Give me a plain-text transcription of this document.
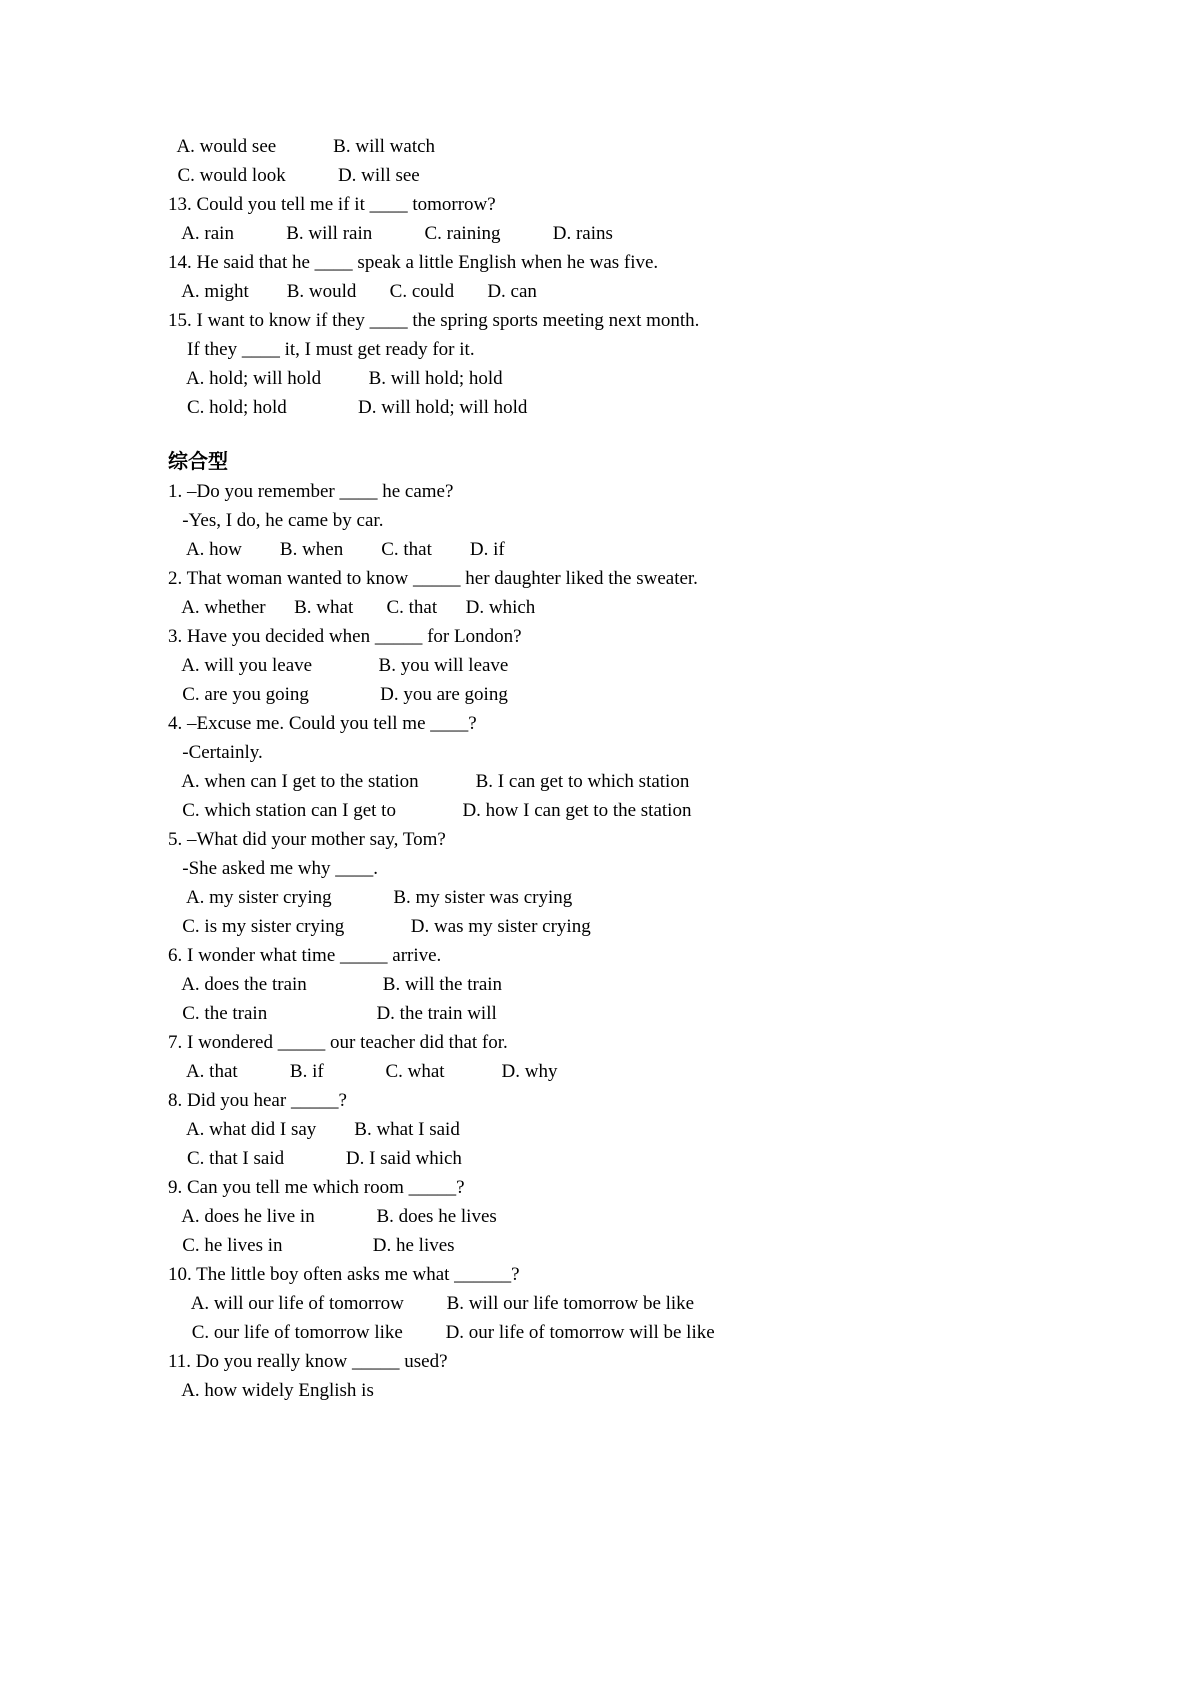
A. would see            B. will watch
C. would look           D. will see
13. Could you tell me if it ____ tomorrow?
A. rain           B. will rain           C. raining           D. rains
14. He said that he ____ speak a little English when he was five.
A. might        B. would       C. could       D. can
15. I want to know if they ____ the spring sports meeting next month.
If they ____ it, I must get ready for it.
A. hold; will hold          B. will hold; hold
C. hold; hold               D. will hold; will hold
综合型
1. –Do you remember ____ he came?
-Yes, I do, he came by car.
A. how        B. when        C. that        D. if
2. That woman wanted to know _____ her daughter liked the sweater.
A. whether      B. what       C. that      D. which
3. Have you decided when _____ for London?
A. will you leave              B. you will leave
C. are you going               D. you are going
4. –Excuse me. Could you tell me ____?
-Certainly.
A. when can I get to the station            B. I can get to which station
C. which station can I get to              D. how I can get to the station
5. –What did your mother say, Tom?
-She asked me why ____.
A. my sister crying             B. my sister was crying
C. is my sister crying              D. was my sister crying
6. I wonder what time _____ arrive.
A. does the train                B. will the train
C. the train                       D. the train will
7. I wondered _____ our teacher did that for.
A. that           B. if             C. what            D. why
8. Did you hear _____?
A. what did I say        B. what I said
C. that I said             D. I said which
9. Can you tell me which room _____?
A. does he live in             B. does he lives
C. he lives in                   D. he lives
10. The little boy often asks me what ______?
A. will our life of tomorrow         B. will our life tomorrow be like
C. our life of tomorrow like         D. our life of tomorrow will be like
11. Do you really know _____ used?
A. how widely English is
